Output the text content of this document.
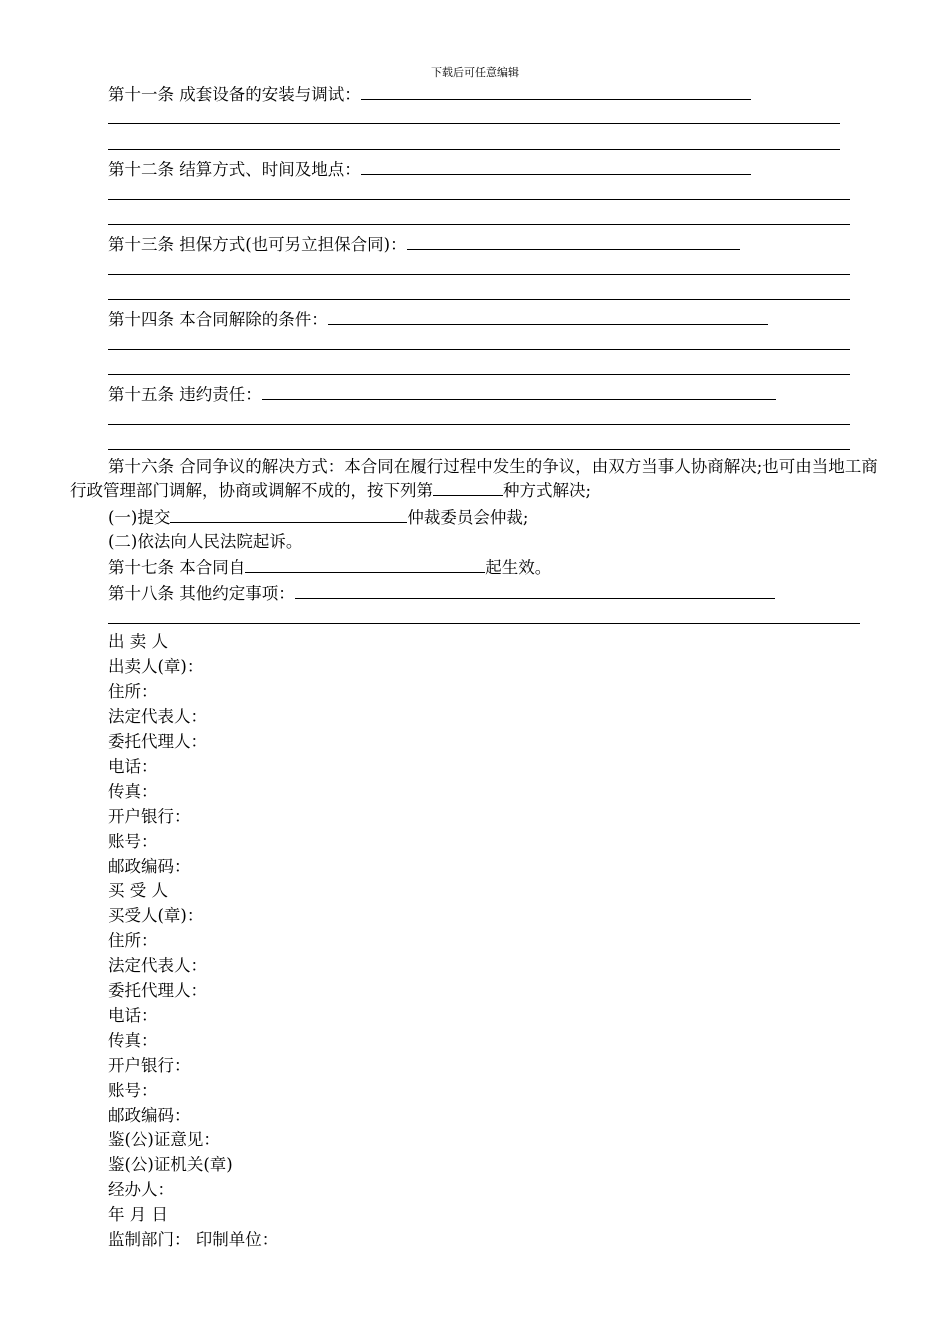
下载后可任意编辑
第十一条 成套设备的安装与调试：
第十二条 结算方式、时间及地点：
第十三条 担保方式(也可另立担保合同)：
第十四条 本合同解除的条件：
第十五条 违约责任：
第十六条 合同争议的解决方式：本合同在履行过程中发生的争议，由双方当事人协商解决;也可由当地工商行政管理部门调解，协商或调解不成的，按下列第	种方式解决;
(一)提交	仲裁委员会仲裁;
(二)依法向人民法院起诉。
第十七条 本合同自	起生效。
第十八条 其他约定事项：
出 卖 人
出卖人(章)：
住所：
法定代表人：
委托代理人：
电话：
传真：
开户银行：
账号：
邮政编码：
买 受 人
买受人(章)：
住所：
法定代表人：
委托代理人：
电话：
传真：
开户银行：
账号：
邮政编码：
鉴(公)证意见：
鉴(公)证机关(章)
经办人：
年 月 日
监制部门： 印制单位：
